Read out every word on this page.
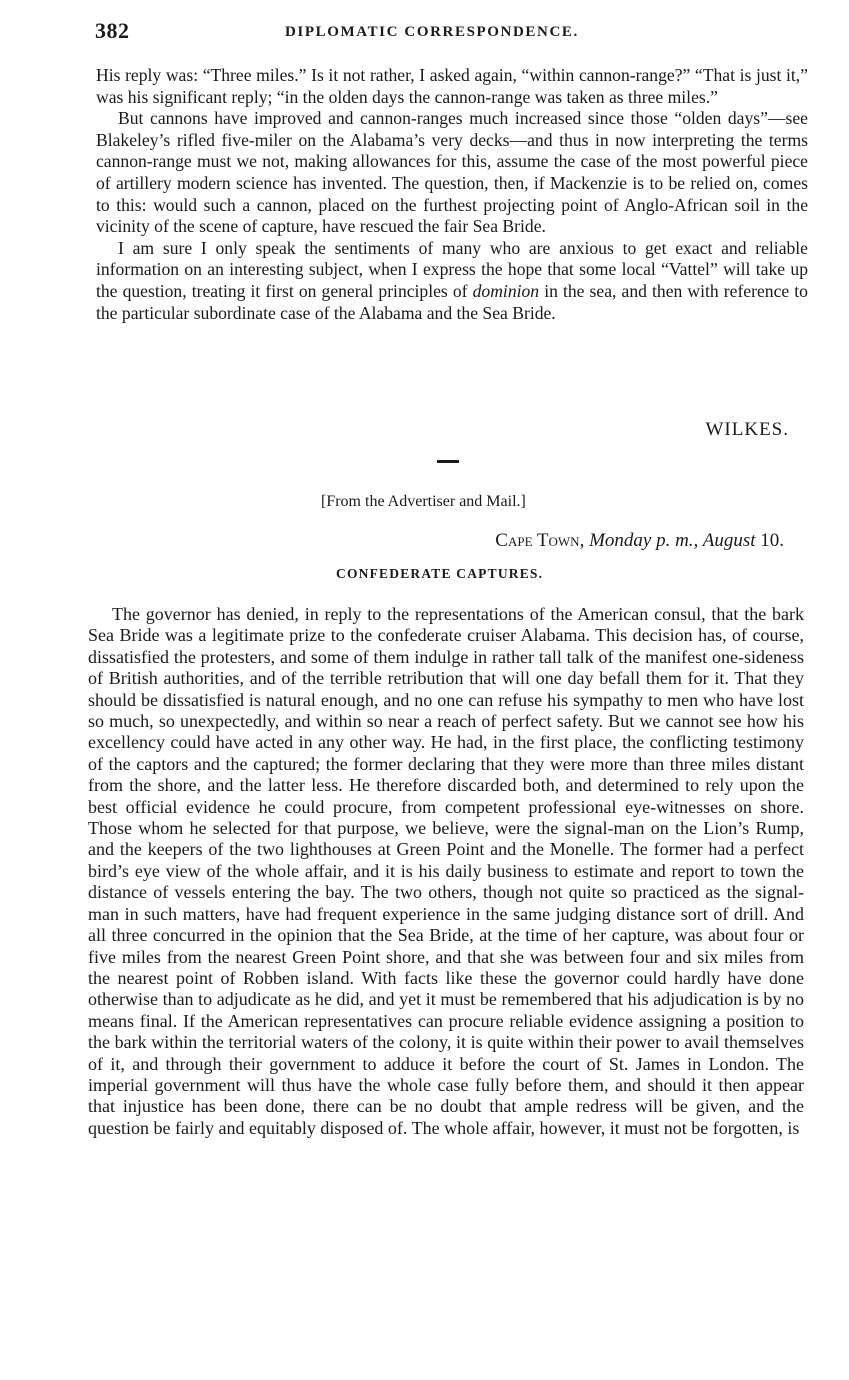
382	DIPLOMATIC CORRESPONDENCE.

His reply was: “Three miles.” Is it not rather, I asked again, “within cannon-range?” “That is just it,” was his significant reply; “in the olden days the cannon-range was taken as three miles.”

But cannons have improved and cannon-ranges much increased since those “olden days”—see Blakeley’s rifled five-miler on the Alabama’s very decks—and thus in now interpreting the terms cannon-range must we not, making allowances for this, assume the case of the most powerful piece of artillery modern science has invented. The question, then, if Mackenzie is to be relied on, comes to this: would such a cannon, placed on the furthest projecting point of Anglo-African soil in the vicinity of the scene of capture, have rescued the fair Sea Bride.

I am sure I only speak the sentiments of many who are anxious to get exact and reliable information on an interesting subject, when I express the hope that some local “Vattel” will take up the question, treating it first on general principles of dominion in the sea, and then with reference to the particular subordinate case of the Alabama and the Sea Bride.

WILKES.
[From the Advertiser and Mail.]
Cape Town, Monday p. m., August 10.
CONFEDERATE CAPTURES.

The governor has denied, in reply to the representations of the American consul, that the bark Sea Bride was a legitimate prize to the confederate cruiser Alabama. This decision has, of course, dissatisfied the protesters, and some of them indulge in rather tall talk of the manifest one-sideness of British authorities, and of the terrible retribution that will one day befall them for it. That they should be dissatisfied is natural enough, and no one can refuse his sympathy to men who have lost so much, so unexpectedly, and within so near a reach of perfect safety. But we cannot see how his excellency could have acted in any other way. He had, in the first place, the conflicting testimony of the captors and the captured; the former declaring that they were more than three miles distant from the shore, and the latter less. He therefore discarded both, and determined to rely upon the best official evidence he could procure, from competent professional eye-witnesses on shore. Those whom he selected for that purpose, we believe, were the signal-man on the Lion’s Rump, and the keepers of the two lighthouses at Green Point and the Monelle. The former had a perfect bird’s eye view of the whole affair, and it is his daily business to estimate and report to town the distance of vessels entering the bay. The two others, though not quite so practiced as the signal-man in such matters, have had frequent experience in the same judging distance sort of drill. And all three concurred in the opinion that the Sea Bride, at the time of her capture, was about four or five miles from the nearest Green Point shore, and that she was between four and six miles from the nearest point of Robben island. With facts like these the governor could hardly have done otherwise than to adjudicate as he did, and yet it must be remembered that his adjudication is by no means final. If the American representatives can procure reliable evidence assigning a position to the bark within the territorial waters of the colony, it is quite within their power to avail themselves of it, and through their government to adduce it before the court of St. James in London. The imperial government will thus have the whole case fully before them, and should it then appear that injustice has been done, there can be no doubt that ample redress will be given, and the question be fairly and equitably disposed of. The whole affair, however, it must not be forgotten, is
